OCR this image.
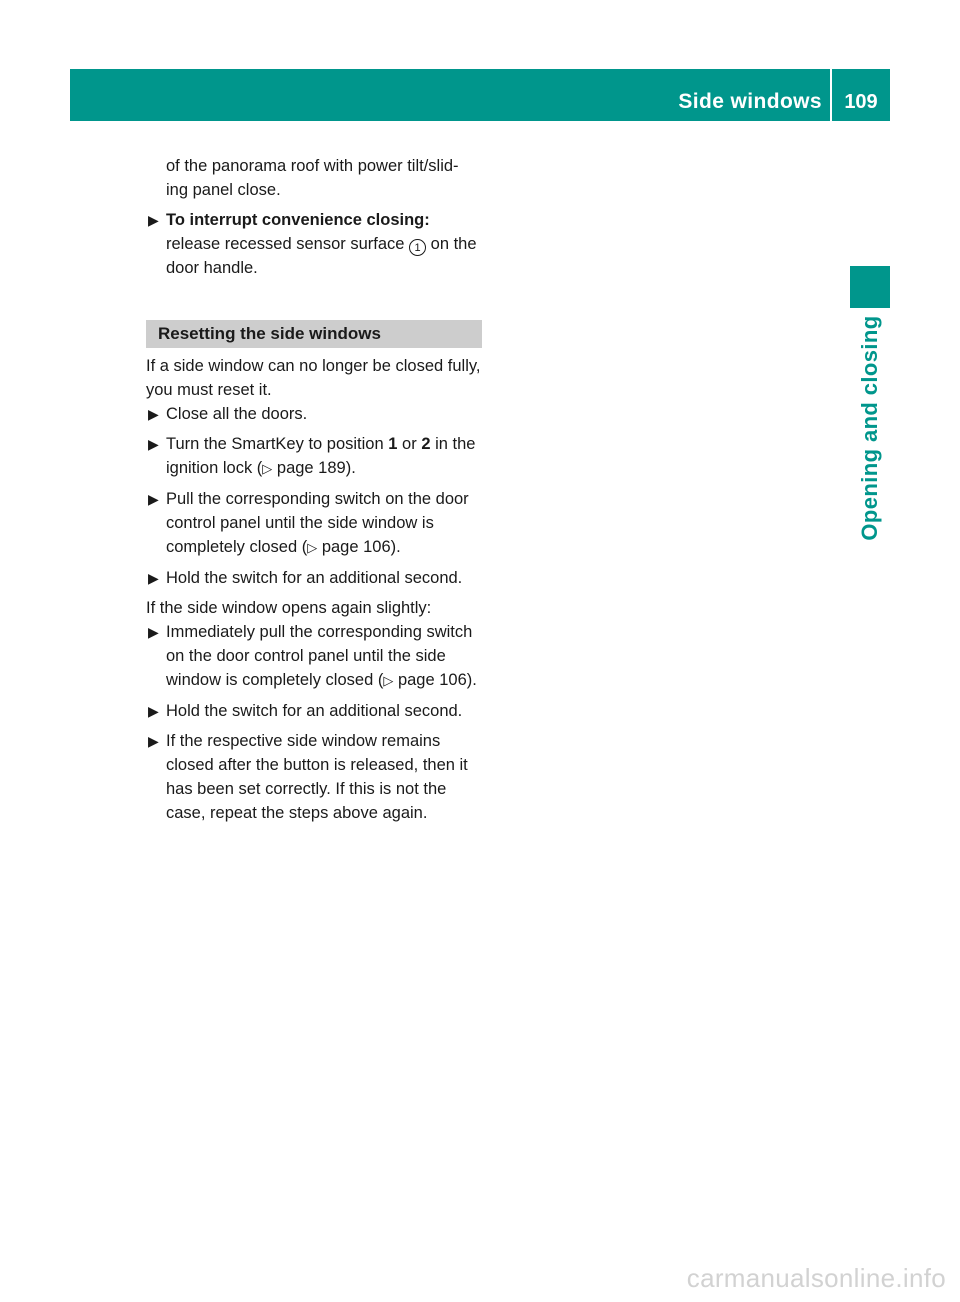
Side windows	109
Opening and closing
of the panorama roof with power tilt/slid-
ing panel close.
▶ To interrupt convenience closing:
release recessed sensor surface 1 on the
door handle.
Resetting the side windows

If a side window can no longer be closed fully, you must reset it.

▶ Close all the doors.
▶ Turn the SmartKey to position 1 or 2 in the ignition lock (▷ page 189).
▶ Pull the corresponding switch on the door control panel until the side window is completely closed (▷ page 106).
▶ Hold the switch for an additional second.

If the side window opens again slightly:

▶ Immediately pull the corresponding switch on the door control panel until the side window is completely closed (▷ page 106).
▶ Hold the switch for an additional second.
▶ If the respective side window remains closed after the button is released, then it has been set correctly. If this is not the case, repeat the steps above again.
carmanualsonline.info
